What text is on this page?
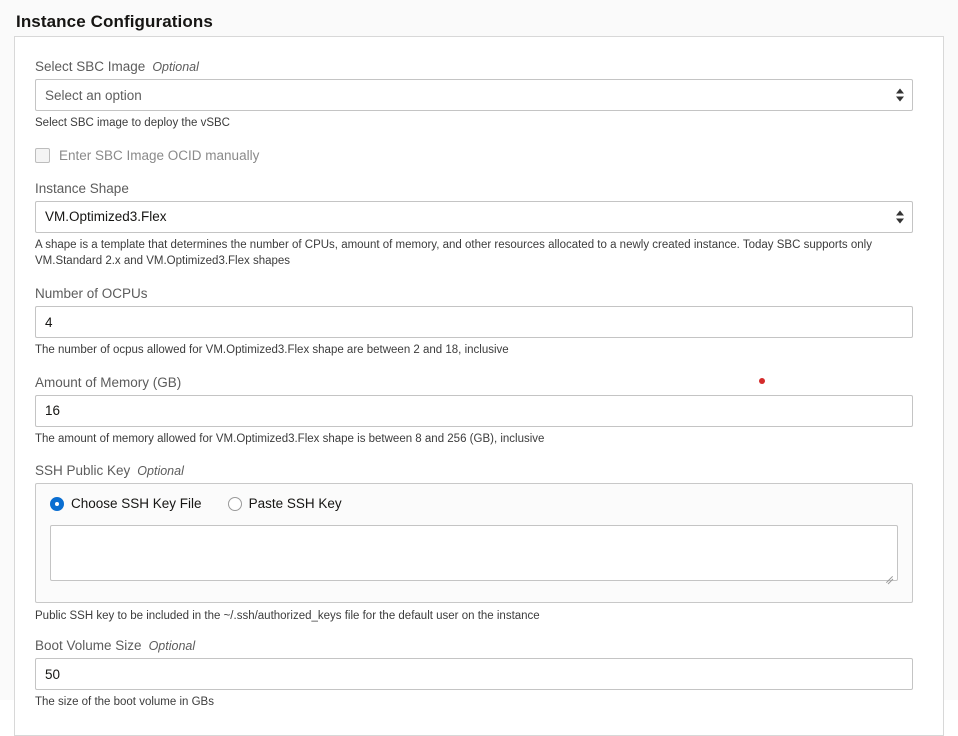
Instance Configurations
Select SBC Image Optional
Select an option
Select SBC image to deploy the vSBC
Enter SBC Image OCID manually
Instance Shape
VM.Optimized3.Flex
A shape is a template that determines the number of CPUs, amount of memory, and other resources allocated to a newly created instance. Today SBC supports only VM.Standard 2.x and VM.Optimized3.Flex shapes
Number of OCPUs
4
The number of ocpus allowed for VM.Optimized3.Flex shape are between 2 and 18, inclusive
Amount of Memory (GB)
16
The amount of memory allowed for VM.Optimized3.Flex shape is between 8 and 256 (GB), inclusive
SSH Public Key Optional
Choose SSH Key File	Paste SSH Key
Public SSH key to be included in the ~/.ssh/authorized_keys file for the default user on the instance
Boot Volume Size Optional
50
The size of the boot volume in GBs
